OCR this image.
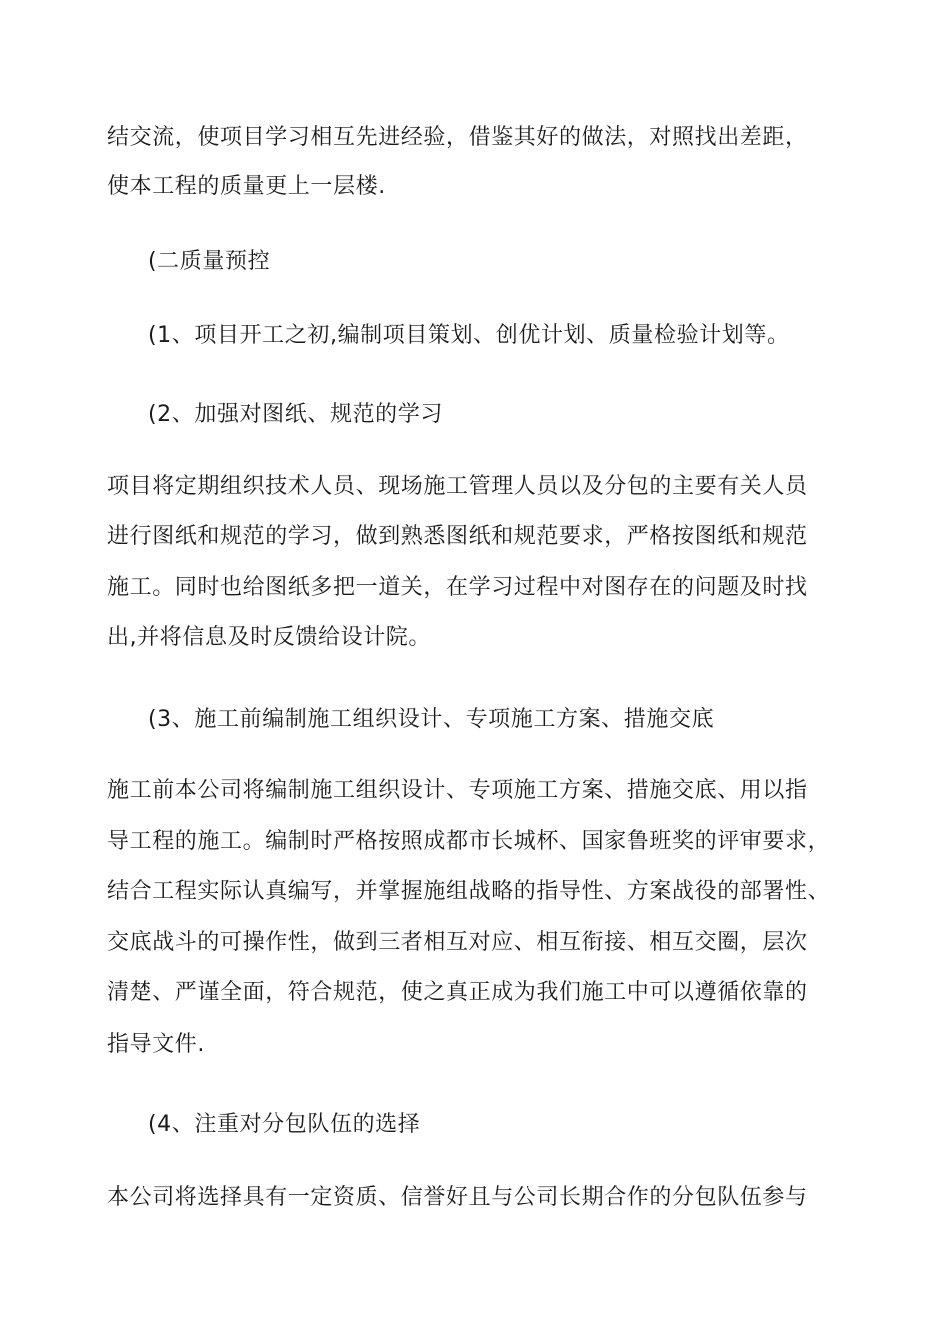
结交流，使项目学习相互先进经验，借鉴其好的做法，对照找出差距，
使本工程的质量更上一层楼.
(二质量预控
(1、项目开工之初,编制项目策划、创优计划、质量检验计划等。
(2、加强对图纸、规范的学习
项目将定期组织技术人员、现场施工管理人员以及分包的主要有关人员
进行图纸和规范的学习，做到熟悉图纸和规范要求，严格按图纸和规范
施工。同时也给图纸多把一道关，在学习过程中对图存在的问题及时找
出,并将信息及时反馈给设计院。
(3、施工前编制施工组织设计、专项施工方案、措施交底
施工前本公司将编制施工组织设计、专项施工方案、措施交底、用以指
导工程的施工。编制时严格按照成都市长城杯、国家鲁班奖的评审要求，
结合工程实际认真编写，并掌握施组战略的指导性、方案战役的部署性、
交底战斗的可操作性，做到三者相互对应、相互衔接、相互交圈，层次
清楚、严谨全面，符合规范，使之真正成为我们施工中可以遵循依靠的
指导文件.
(4、注重对分包队伍的选择
本公司将选择具有一定资质、信誉好且与公司长期合作的分包队伍参与
